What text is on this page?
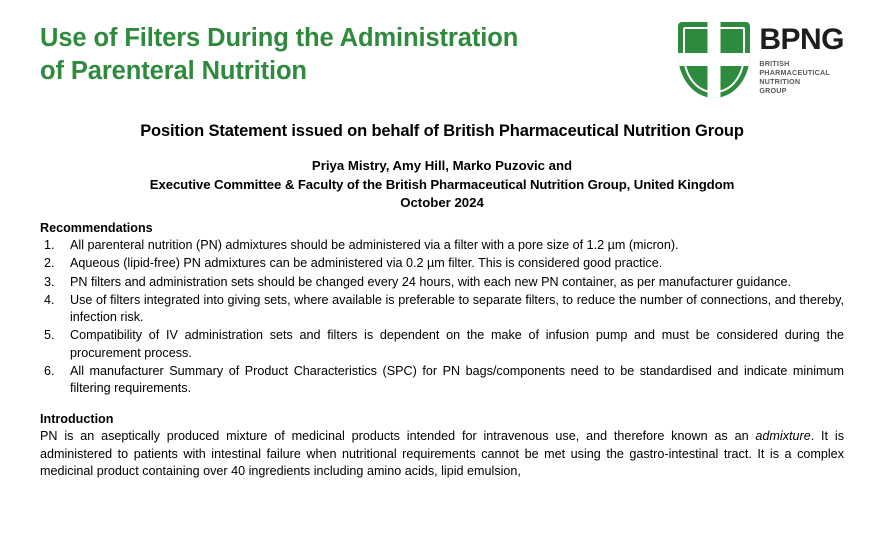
Use of Filters During the Administration
of Parenteral Nutrition
BPNG
BRITISH
PHARMACEUTICAL
NUTRITION
GROUP
Position Statement issued on behalf of British Pharmaceutical Nutrition Group
Priya Mistry, Amy Hill, Marko Puzovic and
Executive Committee & Faculty of the British Pharmaceutical Nutrition Group, United Kingdom
October 2024
Recommendations
1.	All parenteral nutrition (PN) admixtures should be administered via a filter with a pore size of 1.2 µm (micron).
2.	Aqueous (lipid-free) PN admixtures can be administered via 0.2 µm filter. This is considered good practice.
3.	PN filters and administration sets should be changed every 24 hours, with each new PN container, as per manufacturer guidance.
4.	Use of filters integrated into giving sets, where available is preferable to separate filters, to reduce the number of connections, and thereby, infection risk.
5.	Compatibility of IV administration sets and filters is dependent on the make of infusion pump and must be considered during the procurement process.
6.	All manufacturer Summary of Product Characteristics (SPC) for PN bags/components need to be standardised and indicate minimum filtering requirements.
Introduction
PN is an aseptically produced mixture of medicinal products intended for intravenous use, and therefore known as an admixture. It is administered to patients with intestinal failure when nutritional requirements cannot be met using the gastro-intestinal tract. It is a complex medicinal product containing over 40 ingredients including amino acids, lipid emulsion,
